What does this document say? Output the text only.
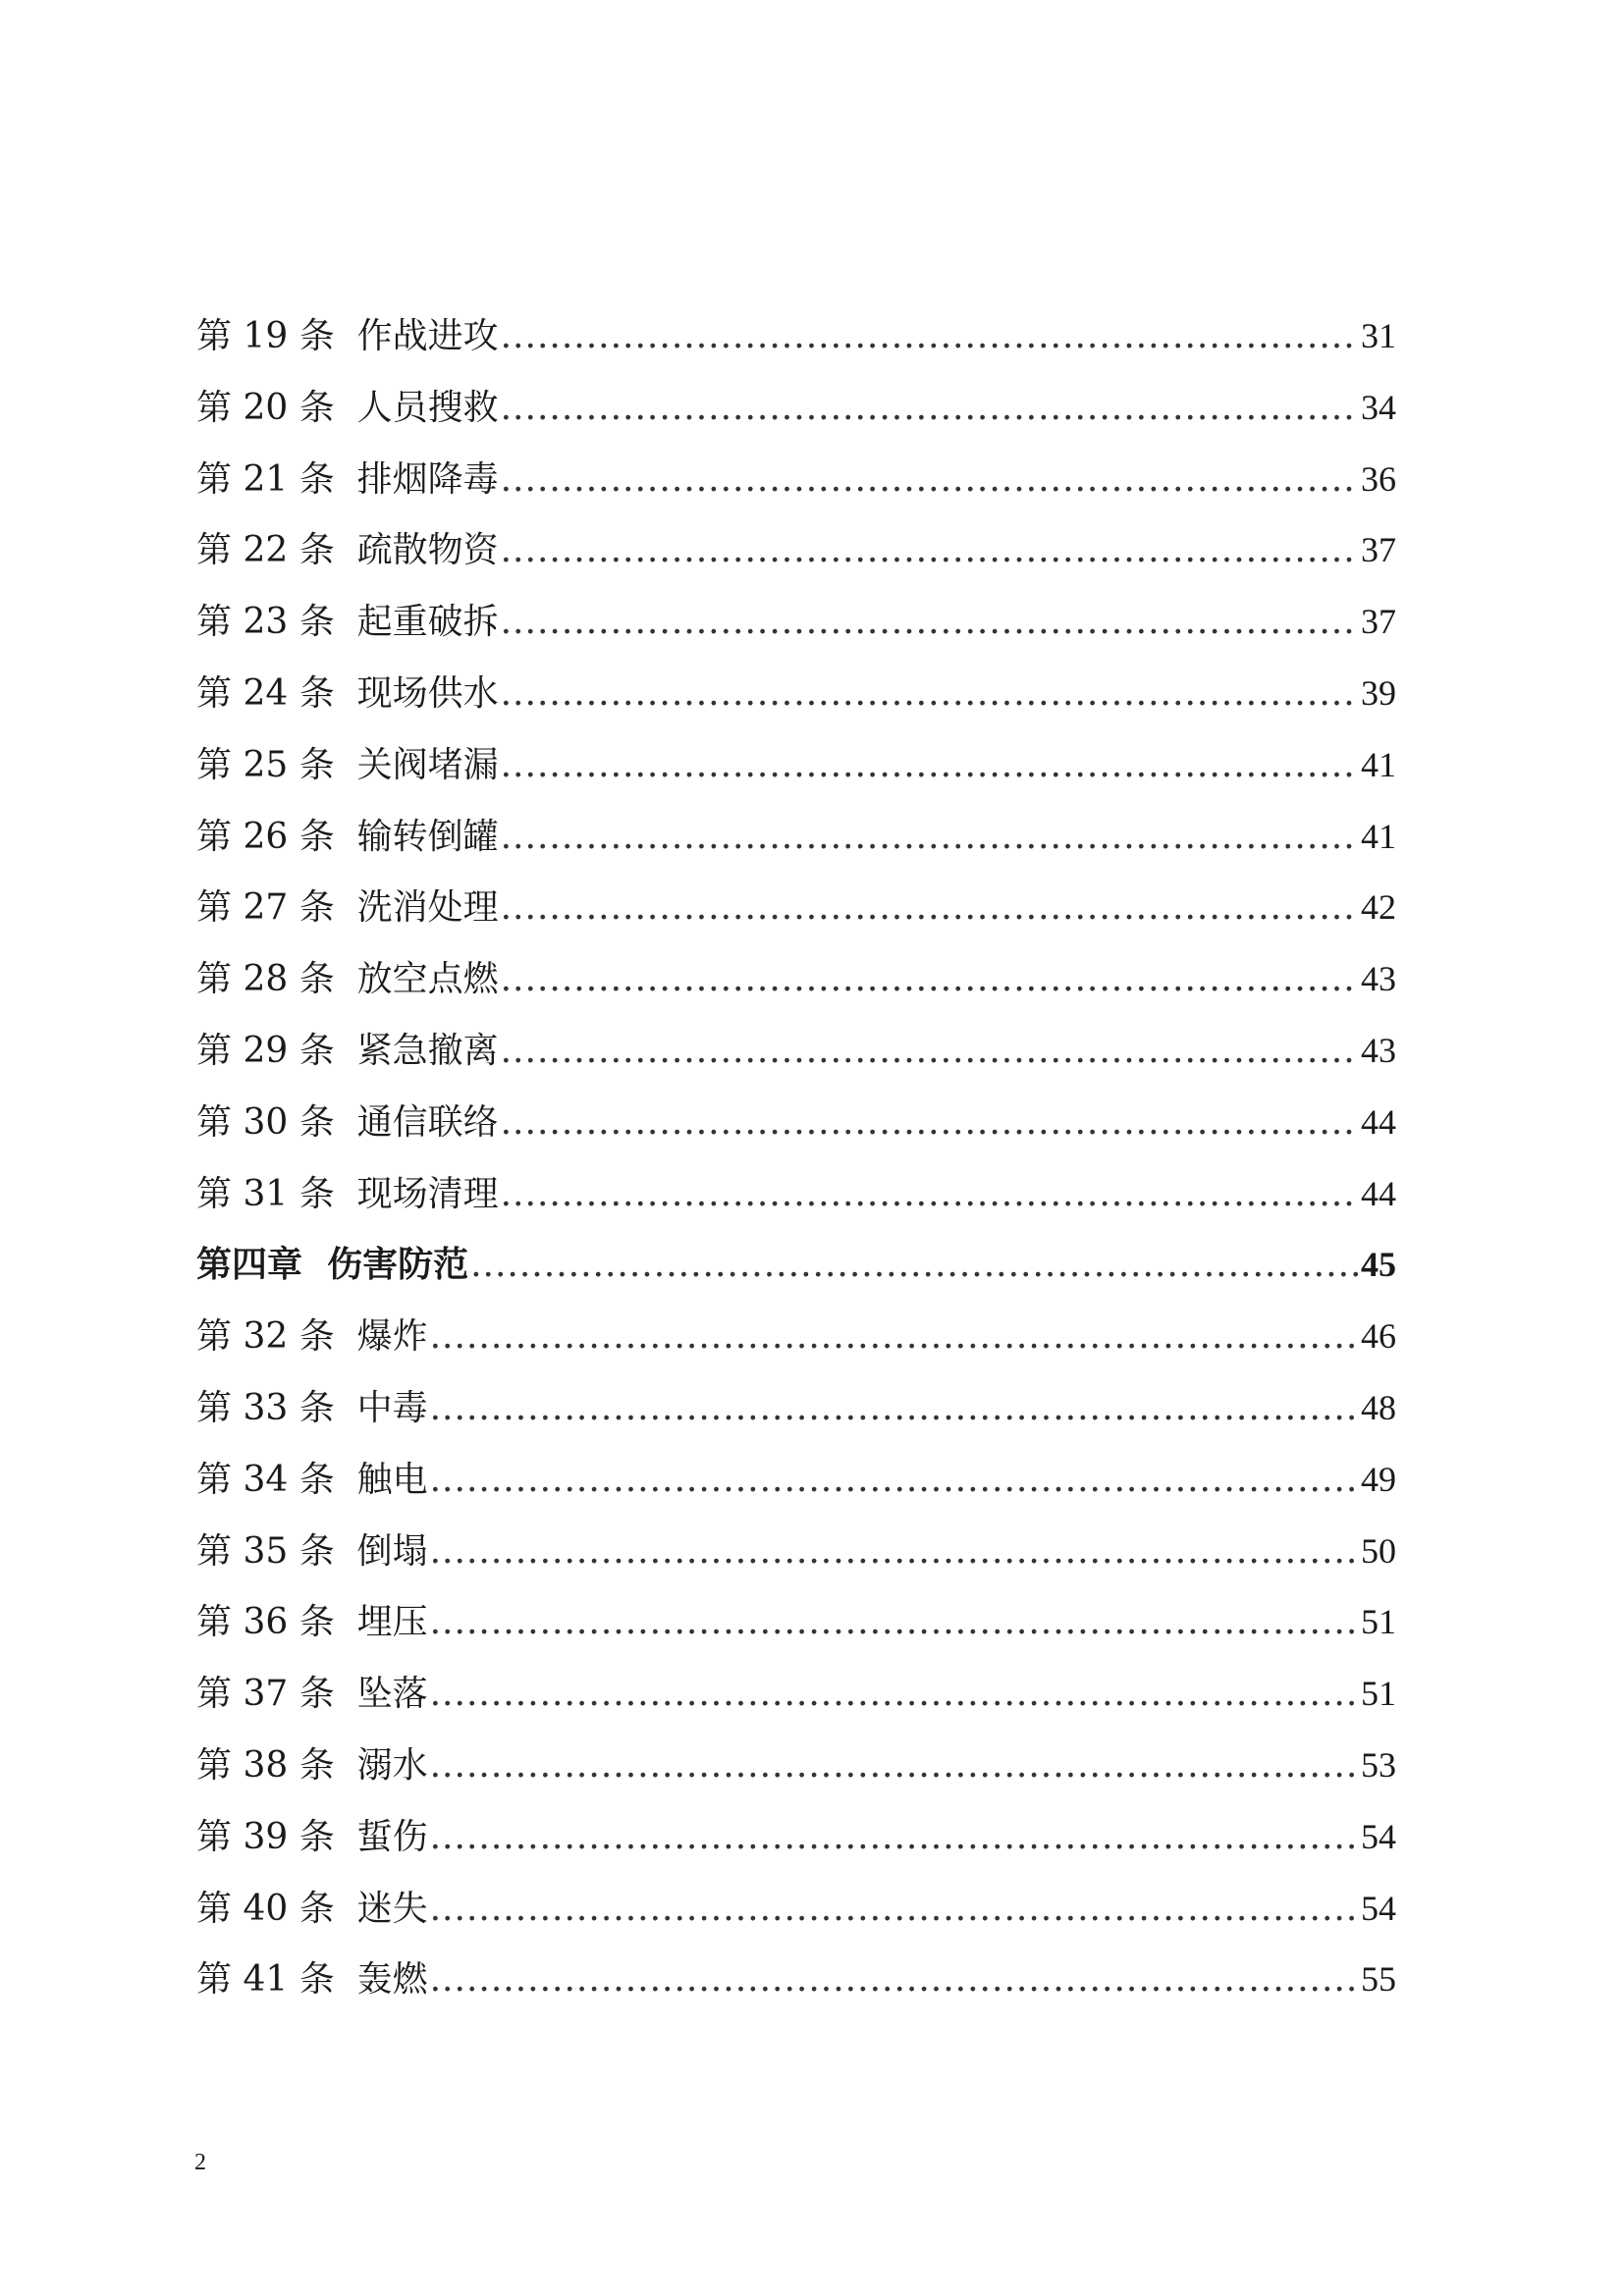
第 19 条 作战进攻 .....	31
第 20 条 人员搜救 .....	34
第 21 条 排烟降毒 .....	36
第 22 条 疏散物资 .....	37
第 23 条 起重破拆 .....	37
第 24 条 现场供水 .....	39
第 25 条 关阀堵漏 .....	41
第 26 条 输转倒罐 .....	41
第 27 条 洗消处理 .....	42
第 28 条 放空点燃 .....	43
第 29 条 紧急撤离 .....	43
第 30 条 通信联络 .....	44
第 31 条 现场清理 .....	44
第四章 伤害防范 .....	45
第 32 条 爆炸 .....	46
第 33 条 中毒 .....	48
第 34 条 触电 .....	49
第 35 条 倒塌 .....	50
第 36 条 埋压 .....	51
第 37 条 坠落 .....	51
第 38 条 溺水 .....	53
第 39 条 蜇伤 .....	54
第 40 条 迷失 .....	54
第 41 条 轰燃 .....	55
2
